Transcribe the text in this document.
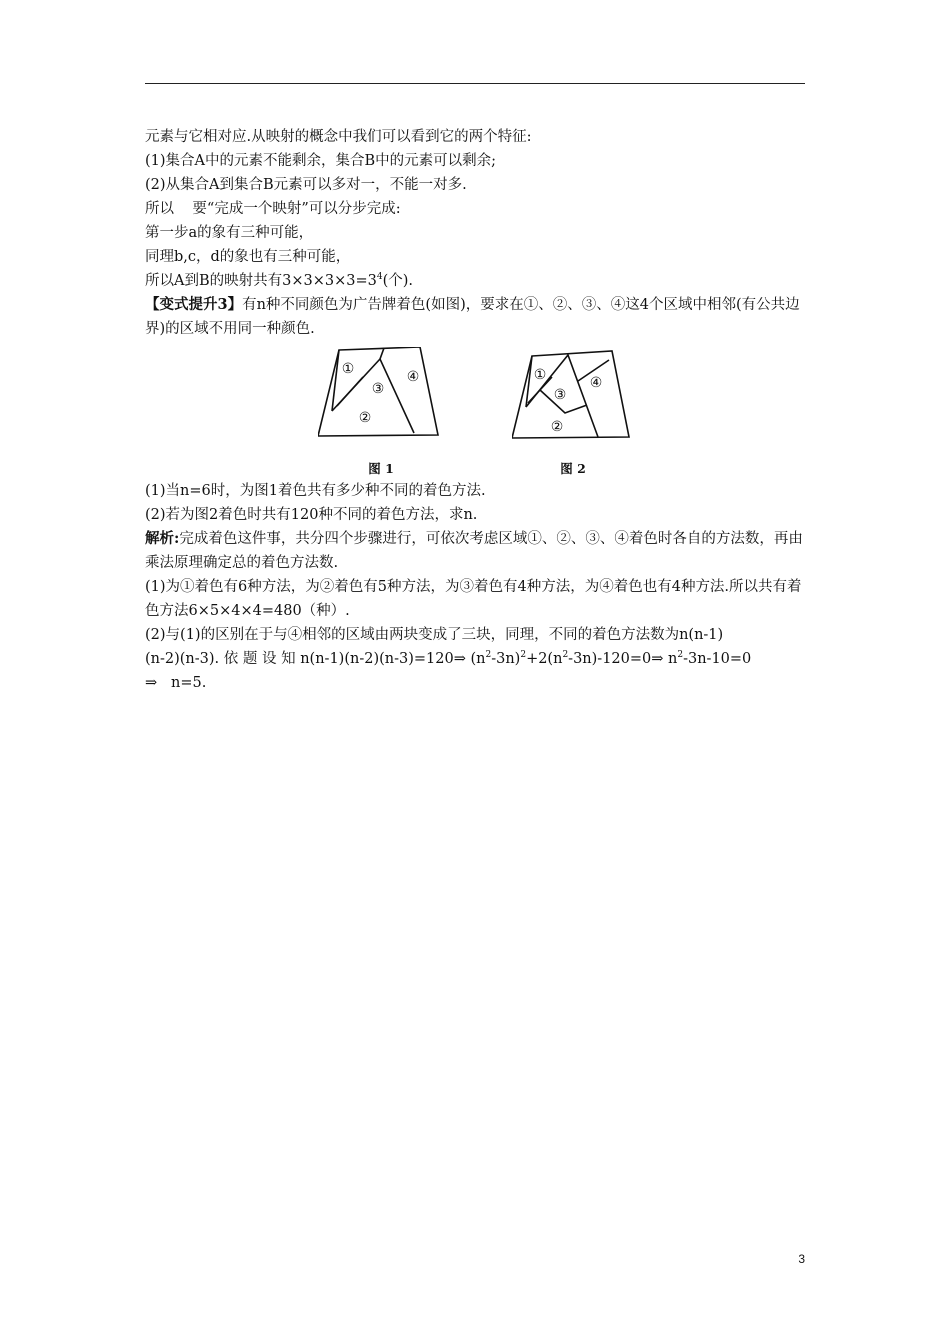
元素与它相对应.从映射的概念中我们可以看到它的两个特征:
(1)集合A中的元素不能剩余，集合B中的元素可以剩余;
(2)从集合A到集合B元素可以多对一，不能一对多.
所以    要“完成一个映射”可以分步完成:
第一步a的象有三种可能，
同理b,c，d的象也有三种可能，
所以A到B的映射共有$3\times 3\times 3\times 3=3^4$(个).
【变式提升3】有n种不同颜色为广告牌着色(如图)，要求在①、②、③、④这4个区域中相邻(有公共边界)的区域不用同一种颜色.
①
②
③
④
图 1
①
②
③
④
图 2
(1)当n=6时，为图1着色共有多少种不同的着色方法.
(2)若为图2着色时共有120种不同的着色方法，求n.
解析:完成着色这件事，共分四个步骤进行，可依次考虑区域①、②、③、④着色时各自的方法数，再由乘法原理确定总的着色方法数.
(1)为①着色有6种方法，为②着色有5种方法，为③着色有4种方法，为④着色也有4种方法.所以共有着色方法6×5×4×4=480（种）.
(2)与(1)的区别在于与④相邻的区域由两块变成了三块，同理，不同的着色方法数为n(n-1)
(n-2)(n-3). 依 题 设 知 n(n-1)(n-2)(n-3)=120⇒ $(n^2-3n)^2+2(n^2-3n)-120=0\Rightarrow$ $n^2-3n-10=0$
⇒   n=5.
3
